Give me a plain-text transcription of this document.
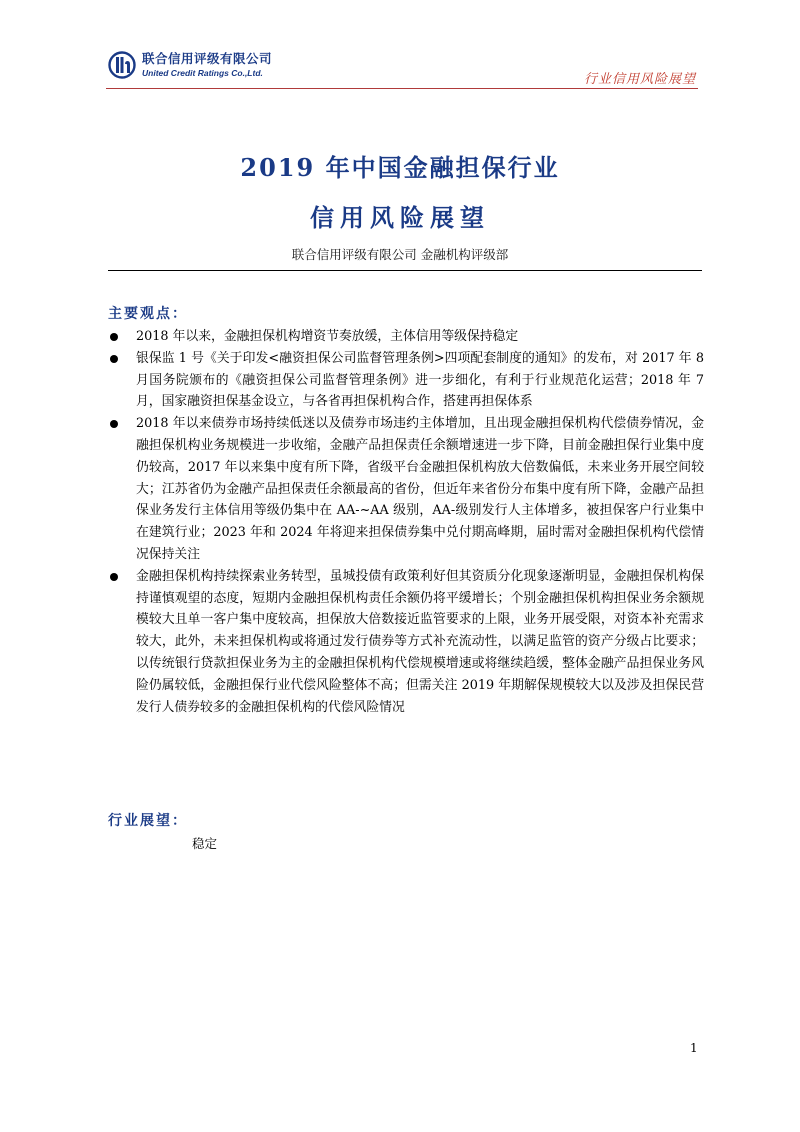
联合信用评级有限公司
United Credit Ratings Co.,Ltd.	行业信用风险展望
2019 年中国金融担保行业
信用风险展望
联合信用评级有限公司 金融机构评级部
主要观点：
2018 年以来，金融担保机构增资节奏放缓，主体信用等级保持稳定
银保监 1 号《关于印发<融资担保公司监督管理条例>四项配套制度的通知》的发布，对 2017 年 8 月国务院颁布的《融资担保公司监督管理条例》进一步细化，有利于行业规范化运营；2018 年 7 月，国家融资担保基金设立，与各省再担保机构合作，搭建再担保体系
2018 年以来债券市场持续低迷以及债券市场违约主体增加，且出现金融担保机构代偿债券情况，金融担保机构业务规模进一步收缩，金融产品担保责任余额增速进一步下降，目前金融担保行业集中度仍较高，2017 年以来集中度有所下降，省级平台金融担保机构放大倍数偏低，未来业务开展空间较大；江苏省仍为金融产品担保责任余额最高的省份，但近年来省份分布集中度有所下降，金融产品担保业务发行主体信用等级仍集中在 AA-~AA 级别，AA-级别发行人主体增多，被担保客户行业集中在建筑行业；2023 年和 2024 年将迎来担保债券集中兑付期高峰期，届时需对金融担保机构代偿情况保持关注
金融担保机构持续探索业务转型，虽城投债有政策利好但其资质分化现象逐渐明显，金融担保机构保持谨慎观望的态度，短期内金融担保机构责任余额仍将平缓增长；个别金融担保机构担保业务余额规模较大且单一客户集中度较高，担保放大倍数接近监管要求的上限，业务开展受限，对资本补充需求较大，此外，未来担保机构或将通过发行债券等方式补充流动性，以满足监管的资产分级占比要求；以传统银行贷款担保业务为主的金融担保机构代偿规模增速或将继续趋缓，整体金融产品担保业务风险仍属较低，金融担保行业代偿风险整体不高；但需关注 2019 年期解保规模较大以及涉及担保民营发行人债券较多的金融担保机构的代偿风险情况
行业展望：
稳定
1
